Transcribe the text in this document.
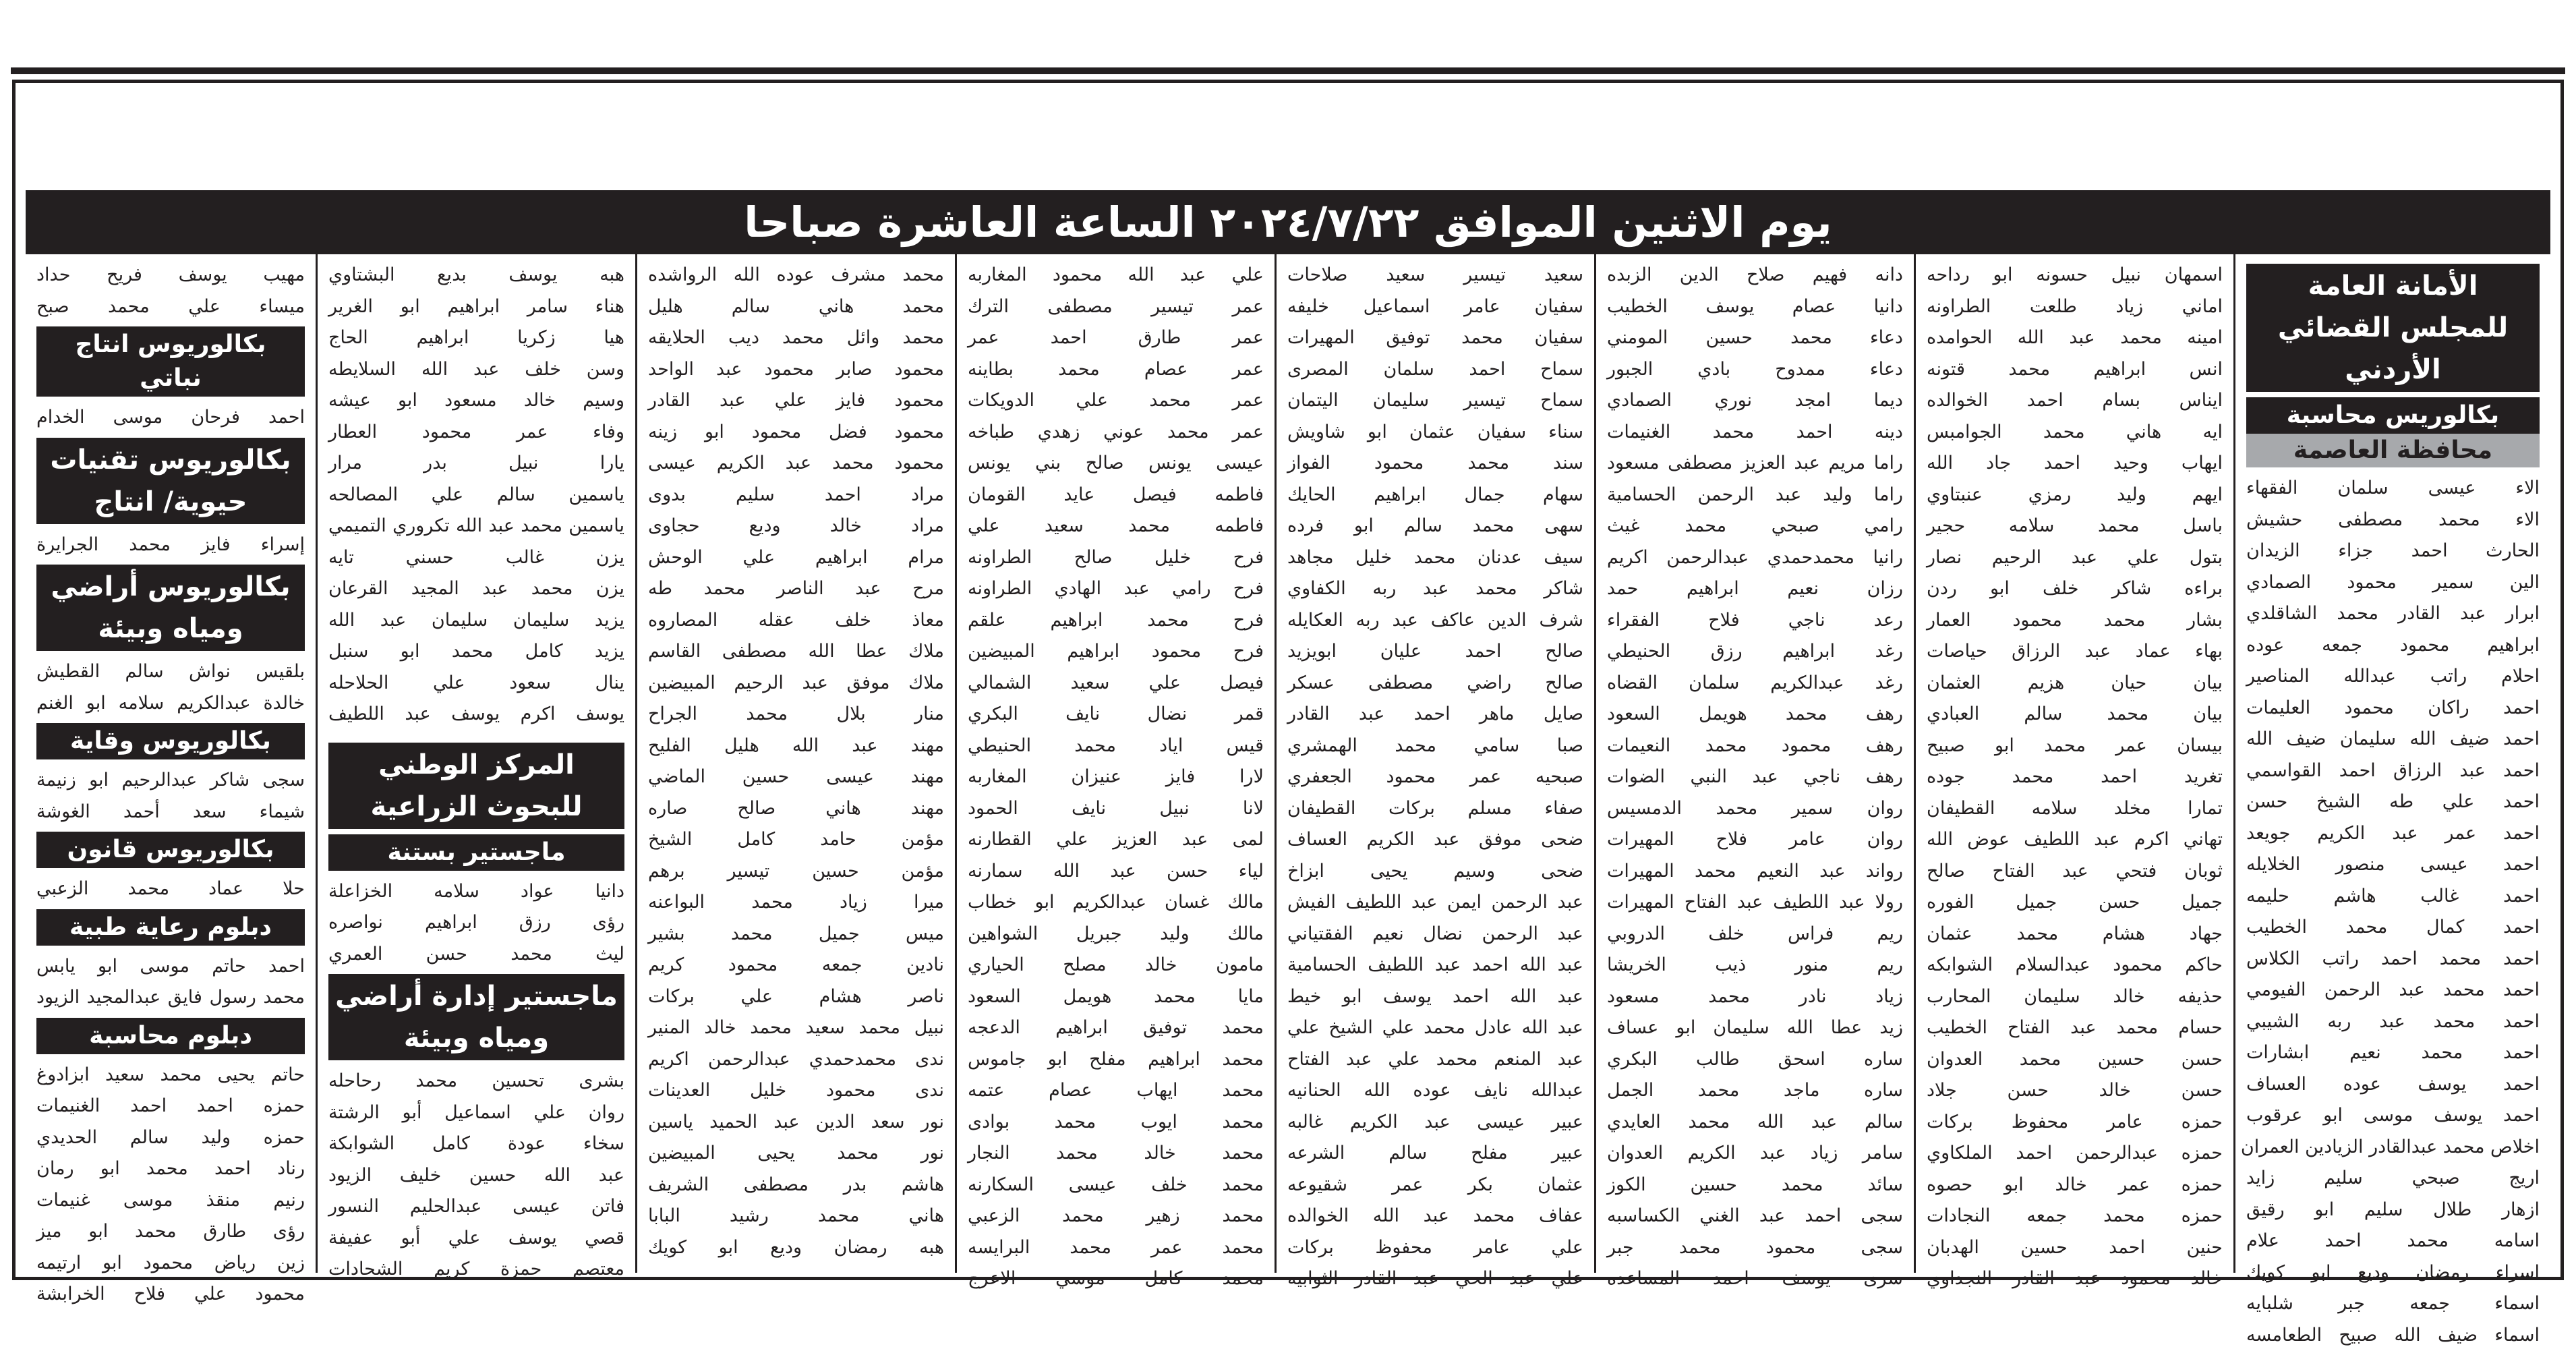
يوم الاثنين الموافق ٢٠٢٤/٧/٢٢ الساعة العاشرة صباحا
الأمانة العامة للمجلس القضائي الأردني
بكالوريس محاسبة
محافظة العاصمة
الاء عيسى سلمان الفقهاء
الاء محمد مصطفى حشيش
الحارث احمد جزاء الزيدان
الين سمير محمود الصمادي
ابرار عبد القادر محمد الشاقلدي
ابراهيم محمود جمعه عوده
احلام راتب عبدالله المناصير
احمد راكان محمود العليمات
احمد ضيف الله سليمان ضيف الله
احمد عبد الرزاق احمد القواسمي
احمد علي طه الشيخ حسن
احمد عمر عبد الكريم جويعد
احمد عيسى منصور الخلايله
احمد غالب هاشم حليمه
احمد كمال محمد الخطيب
احمد محمد احمد راتب الكلاس
احمد محمد عبد الرحمن الفيومي
احمد محمد عبد ربه الشيبي
احمد محمد نعيم ابشارات
احمد يوسف عوده العساف
احمد يوسف موسى ابو عرقوب
اخلاص محمد عبدالقادر الزيادين العمران
اريج صبحي سليم زايد
ازهار طلال سليم ابو رقيق
اسامه محمد احمد علام
اسراء رمضان وديع ابو كويك
اسماء جمعه جبر شلبايه
اسماء ضيف الله صبيح الطعامسه
اسمهان نبيل حسونه ابو رداحه
اماني زياد طلعت الطراونه
امينه محمد عبد الله الحوامده
انس ابراهيم محمد قتونه
ايناس بسام احمد الخوالده
ايه هاني محمد الجوامبس
ايهاب وحيد احمد جاد الله
ايهم وليد رمزي عنبتاوي
باسل محمد سلامه حجير
بتول علي عبد الرحيم نصار
براءه شاكر خلف ابو ردن
بشار محمد محمود العمار
بهاء عماد عبد الرزاق حياصات
بيان حيان هزيم العثمان
بيان محمد سالم العبادي
بيسان عمر محمد ابو صبيح
تغريد احمد محمد جوده
تمارا مخلد سلامه القطيفان
تهاني اكرم عبد اللطيف عوض الله
ثوبان فتحي عبد الفتاح صالح
جميل حسن جميل الفوره
جهاد هشام محمد عثمان
حاكم محمود عبدالسلام الشوابكه
حذيفه خالد سليمان المحارب
حسام محمد عبد الفتاح الخطيب
حسن حسين محمد العدوان
حسن خالد حسن جلاد
حمزه عامر محفوظ بركات
حمزه عبدالرحمن احمد الملكاوي
حمزه عمر خالد ابو حصوه
حمزه محمد جمعه النجادات
حنين احمد حسين الهدبان
خالد محمود عبد القادر النجداوي
دانه فهيم صلاح الدين الزبده
دانيا عصام يوسف الخطيب
دعاء محمد حسين المومني
دعاء ممدوح بادي الجبور
ديما امجد نوري الصمادي
دينه احمد محمد الغنيمات
راما مريم عبد العزيز مصطفى مسعود
راما وليد عبد الرحمن الحسامية
رامي صبحي محمد غيث
رانيا محمدحمدي عبدالرحمن اكريم
رزان نعيم ابراهيم حمد
رعد ناجي فلاح الفقراء
رغد ابراهيم رزق الحنيطي
رغد عبدالكريم سلمان القضاه
رهف محمد هويمل السعود
رهف محمود محمد النعيمات
رهف ناجي عبد النبي الضوات
روان سمير محمد الدمسيس
روان عامر فلاح المهيرات
رواند عبد النعيم محمد المهيرات
رولا عبد اللطيف عبد الفتاح المهيرات
ريم فراس خلف الدروبي
ريم منور ذيب الخريشا
زياد نادر محمد مسعود
زيد عطا الله سليمان ابو عساف
ساره اسحق طالب البكري
ساره ماجد محمد الجمل
سالم عبد الله محمد العايدي
سامر زياد عبد الكريم العدوان
سائد محمد حسين الكوز
سجى احمد عبد الغني الكساسبه
سجى محمود محمد جبر
سرى يوسف احمد المساعده
سعيد تيسير سعيد صلاحات
سفيان عامر اسماعيل خليفه
سفيان محمد توفيق المهيرات
سماح احمد سلمان المصرى
سماح تيسير سليمان اليتمان
سناء سفيان عثمان ابو شاويش
سند محمد محمود الفواز
سهام جمال ابراهيم الحايك
سهى محمد سالم ابو فرده
سيف عدنان محمد خليل مجاهد
شاكر محمد عبد ربه الكفاوي
شرف الدين عاكف عبد ربه العكايله
صالح احمد عليان ابويزيد
صالح راضي مصطفى عسكر
صايل ماهر احمد عبد القادر
صبا سامي محمد الهمشري
صبحيه عمر محمود الجعفري
صفاء مسلم بركات القطيفان
ضحى موفق عبد الكريم العساف
ضحى وسيم يحيى ابزاخ
عبد الرحمن ايمن عبد اللطيف الفيش
عبد الرحمن نضال نعيم الفقتياني
عبد الله احمد عبد اللطيف الحسامية
عبد الله احمد يوسف ابو خيط
عبد الله عادل محمد علي الشيخ علي
عبد المنعم محمد علي عبد الفتاح
عبدالله نايف عوده الله الحنانيه
عبير عيسى عبد الكريم غالبه
عبير مفلح سالم الشرعه
عثمان بكر عمر شقيوعه
عفاف محمد عبد الله الخوالده
علي عامر محفوظ بركات
علي عبد الحي عبد القادر الثوابيه
علي عبد الله محمود المغاربه
عمر تيسير مصطفى الترك
عمر طارق احمد عمر
عمر عصام محمد بطاينه
عمر محمد علي الدويكات
عمر محمد عوني زهدي طباخه
عيسى يونس صالح بني يونس
فاطمه فيصل عايد القومان
فاطمه محمد سعيد علي
فرح خليل صالح الطراونه
فرح رامي عبد الهادي الطراونه
فرح محمد ابراهيم علقم
فرح محمود ابراهيم المبيضين
فيصل علي سعيد الشمالي
قمر نضال نايف البكري
قيس اياد محمد الحنيطي
لارا فايز عنيزان المغاربه
لانا نبيل نايف الحمود
لمى عبد العزيز علي القطارنه
لياء حسن عبد الله سمارنه
مالك غسان عبدالكريم ابو خطاب
مالك وليد جبريل الشواهين
مامون خالد مصلح الحياري
مايا محمد هويمل السعود
محمد توفيق ابراهيم الدعجه
محمد ابراهيم مفلح ابو جاموس
محمد ايهاب عصام عتمه
محمد ايوب محمد بوادى
محمد خالد محمد النجار
محمد خلف عيسى السكارنه
محمد زهير محمد الزعبي
محمد عمر محمد البرايسه
محمد كامل موسي الاعرج
محمد مشرف عوده الله الرواشده
محمد هاني سالم هليل
محمد وائل محمد ديب الحلايقه
محمود صابر محمود عبد الواحد
محمود فايز علي عبد القادر
محمود فضل محمود ابو زينه
محمود محمد عبد الكريم عيسى
مراد احمد سليم بدوى
مراد خالد وديع حجاوى
مرام ابراهيم علي الوحش
مرح عبد الناصر محمد طه
معاذ خلف عقله المصاروه
ملاك عطا الله مصطفى القاسم
ملاك موفق عبد الرحيم المبيضين
منار بلال محمد الجراح
مهند عبد الله هليل الفليح
مهند عيسى حسين الماضي
مهند هاني صالح صاره
مؤمن حامد كامل الشيخ
مؤمن حسين تيسير برهم
ميرا زياد محمد البواعنه
ميس جميل محمد بشير
نادين جمعه محمود كريم
ناصر هشام علي بركات
نبيل محمد سعيد محمد خالد المنير
ندى محمدحمدي عبدالرحمن اكريم
ندى محمود خليل العدينات
نور سعد الدين عبد الحميد ياسين
نور محمد يحيى المبيضين
هاشم بدر مصطفى الشريف
هاني محمد رشيد البابا
هبه رمضان وديع ابو كويك
هبه يوسف بديع البشتاوي
هناء سامر ابراهيم ابو الغرير
هيا زكريا ابراهيم الحاج
وسن خلف عبد الله السلايطه
وسيم خالد مسعود ابو عيشه
وفاء عمر محمود العطار
يارا نبيل بدر مرار
ياسمين سالم علي المصالحه
ياسمين محمد عبد الله تكروري التميمي
يزن غالب حسني تايه
يزن محمد عبد المجيد القرعان
يزيد سليمان سليمان عبد الله
يزيد كامل محمد ابو سنبل
ينال سعود علي الحلاحله
يوسف اكرم يوسف عبد اللطيف
المركز الوطني للبحوث الزراعية
ماجستير بستنة
دانيا عواد سلامه الخزاعلة
رؤى رزق ابراهيم نواصره
ليث محمد حسن العمري
ماجستير إدارة أراضي ومياه وبيئة
بشرى تحسين محمد رحاحله
روان علي اسماعيل أبو الرشتة
سخاء عودة كامل الشوابكة
عبد الله حسين خليف الزيود
فاتن عيسى عبدالحليم النسور
قصي يوسف علي أبو عفيفة
معتصم حمزة كريم الشحادات
مهيب يوسف فريح حداد
ميساء علي محمد صبح
بكالوريوس انتاج نباتي
احمد فرحان موسى الخدام
بكالوريوس تقنيات حيوية/ انتاج
إسراء فايز محمد الجرايرة
بكالوريوس أراضي ومياه وبيئة
بلقيس نواش سالم القطيش
خالدة عبدالكريم سلامه ابو الغنم
بكالوريوس وقاية
سجى شاكر عبدالرحيم ابو زنيمة
شيماء سعد أحمد الغوشة
بكالوريوس قانون
حلا عماد محمد الزعبي
دبلوم رعاية طبية
احمد حاتم موسى ابو يابس
محمد رسول فايق عبدالمجيد الزيود
دبلوم محاسبة
حاتم يحيى محمد سعيد ابزادوغ
حمزه احمد احمد الغنيمات
حمزه وليد سالم الحديدي
رناد احمد محمد ابو رمان
رنيم منقذ موسى غنيمات
رؤى طارق محمد ابو ميز
زين رياض محمود ابو ارتيمه
محمود علي فلاح الخرابشة
